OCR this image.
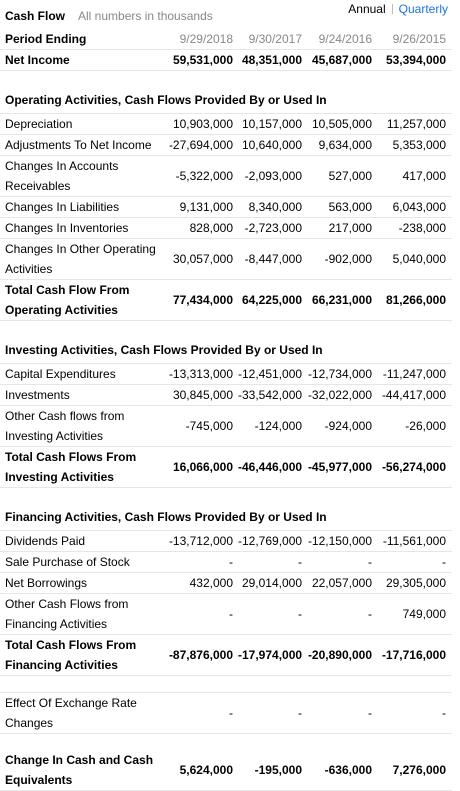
Cash Flow All numbers in thousands	Annual Quarterly
Period Ending	9/29/2018	9/30/2017	9/24/2016	9/26/2015
Net Income	59,531,000	48,351,000	45,687,000	53,394,000
Operating Activities, Cash Flows Provided By or Used In				
Depreciation	10,903,000	10,157,000	10,505,000	11,257,000
Adjustments To Net Income	-27,694,000	10,640,000	9,634,000	5,353,000
Changes In Accounts Receivables	-5,322,000	-2,093,000	527,000	417,000
Changes In Liabilities	9,131,000	8,340,000	563,000	6,043,000
Changes In Inventories	828,000	-2,723,000	217,000	-238,000
Changes In Other Operating Activities	30,057,000	-8,447,000	-902,000	5,040,000
Total Cash Flow From Operating Activities	77,434,000	64,225,000	66,231,000	81,266,000
Investing Activities, Cash Flows Provided By or Used In				
Capital Expenditures	-13,313,000	-12,451,000	-12,734,000	-11,247,000
Investments	30,845,000	-33,542,000	-32,022,000	-44,417,000
Other Cash flows from Investing Activities	-745,000	-124,000	-924,000	-26,000
Total Cash Flows From Investing Activities	16,066,000	-46,446,000	-45,977,000	-56,274,000
Financing Activities, Cash Flows Provided By or Used In				
Dividends Paid	-13,712,000	-12,769,000	-12,150,000	-11,561,000
Sale Purchase of Stock	-	-	-	-
Net Borrowings	432,000	29,014,000	22,057,000	29,305,000
Other Cash Flows from Financing Activities	-	-	-	749,000
Total Cash Flows From Financing Activities	-87,876,000	-17,974,000	-20,890,000	-17,716,000

Effect Of Exchange Rate Changes	-	-	-	-

Change In Cash and Cash Equivalents	5,624,000	-195,000	-636,000	7,276,000
